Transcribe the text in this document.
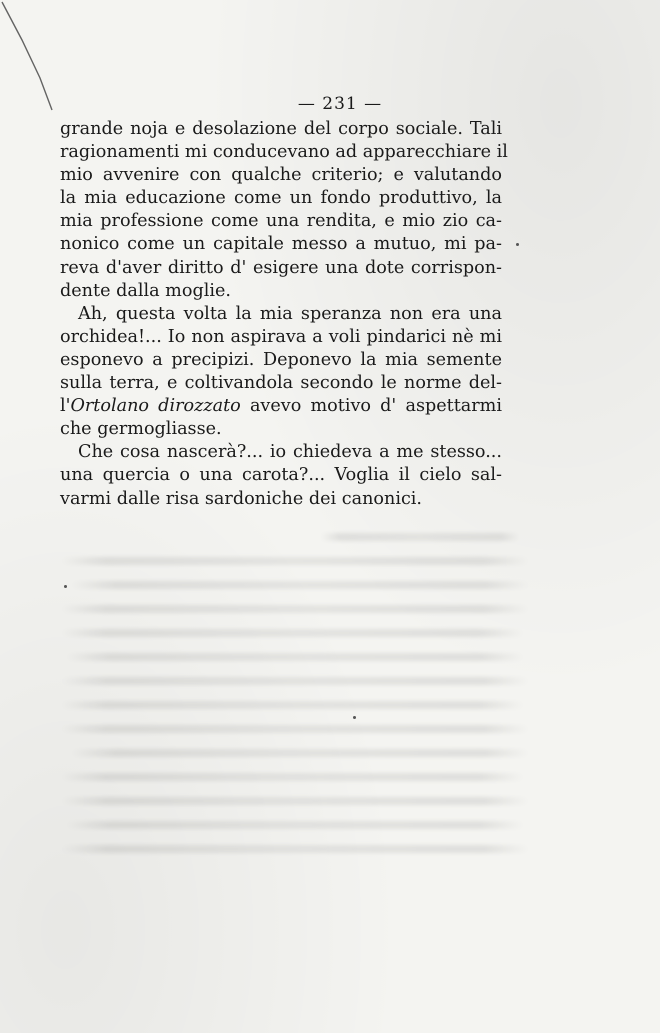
— 231 —
grande noja e desolazione del corpo sociale. Tali
ragionamenti mi conducevano ad apparecchiare il
mio avvenire con qualche criterio; e valutando
la mia educazione come un fondo produttivo, la
mia professione come una rendita, e mio zio ca-
nonico come un capitale messo a mutuo, mi pa-
reva d'aver diritto d' esigere una dote corrispon-
dente dalla moglie.
Ah, questa volta la mia speranza non era una
orchidea!... Io non aspirava a voli pindarici nè mi
esponevo a precipizi. Deponevo la mia semente
sulla terra, e coltivandola secondo le norme del-
l'Ortolano dirozzato avevo motivo d' aspettarmi
che germogliasse.
Che cosa nascerà?... io chiedeva a me stesso...
una quercia o una carota?... Voglia il cielo sal-
varmi dalle risa sardoniche dei canonici.
